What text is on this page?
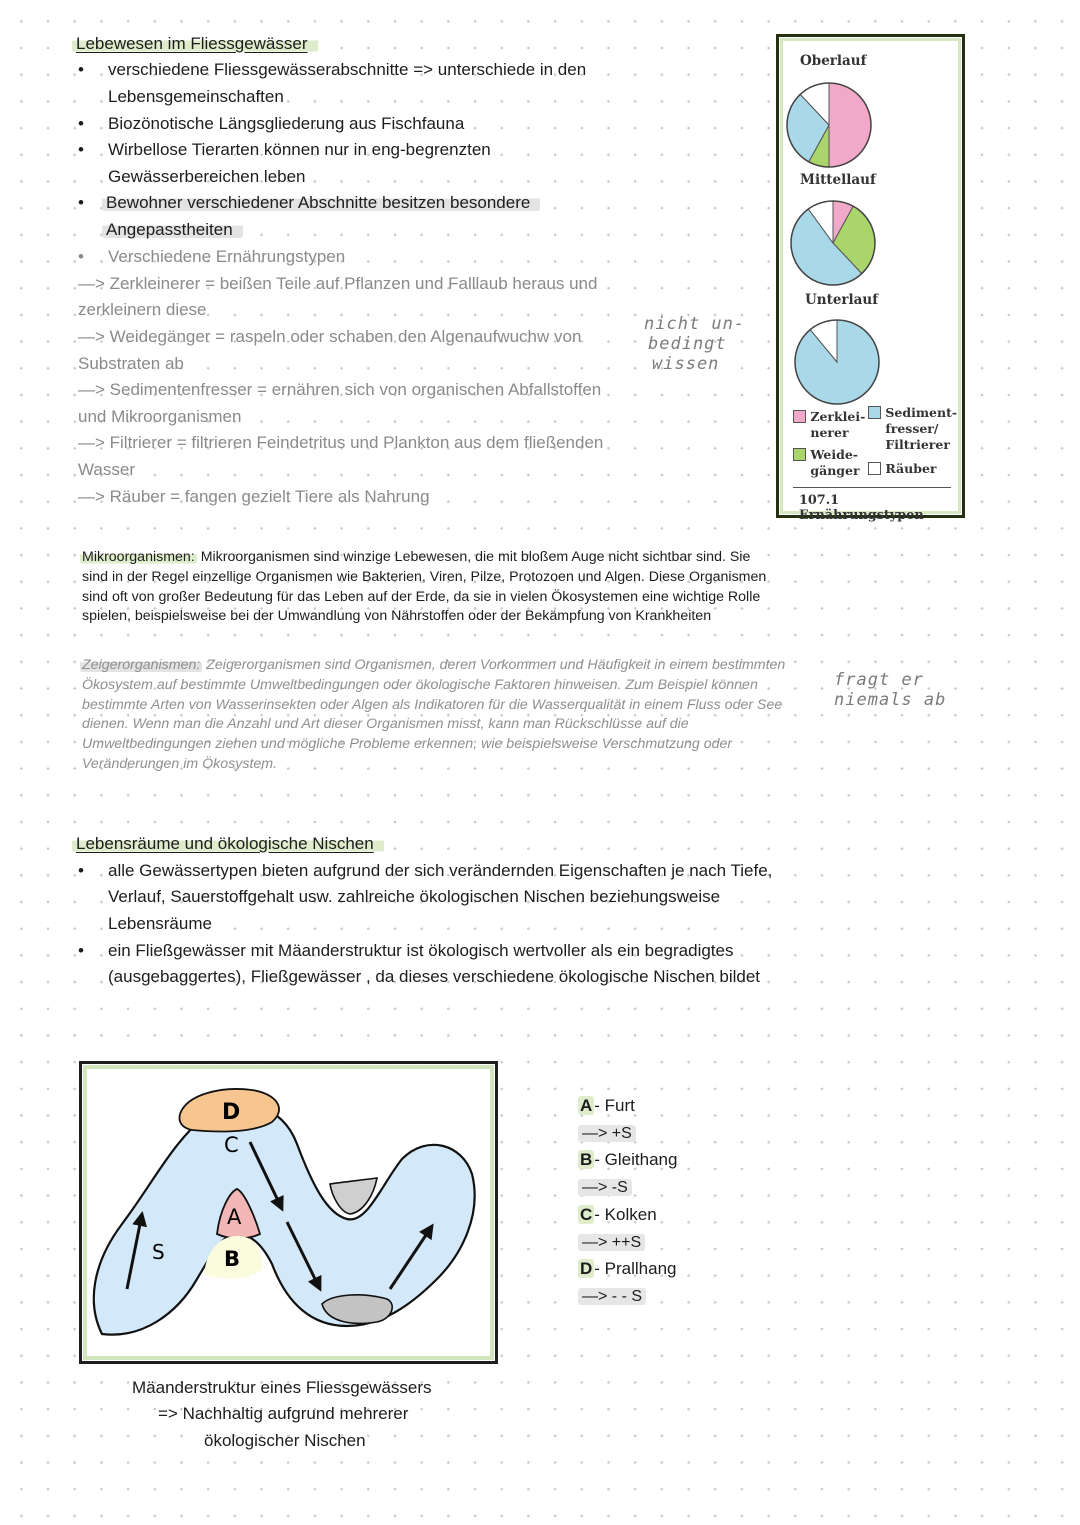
Lebewesen im Fliessgewässer
• verschiedene Fliessgewässerabschnitte => unterschiede in den
Lebensgemeinschaften
• Biozönotische Längsgliederung aus Fischfauna
• Wirbellose Tierarten können nur in eng-begrenzten
Gewässerbereichen leben
• Bewohner verschiedener Abschnitte besitzen besondere
Angepasstheiten
• Verschiedene Ernährungstypen
—> Zerkleinerer = beißen Teile auf Pflanzen und Falllaub heraus und
zerkleinern diese
—> Weidegänger = raspeln oder schaben den Algenaufwuchw von
Substraten ab
—> Sedimentenfresser = ernähren sich von organischen Abfallstoffen
und Mikroorganismen
—> Filtrierer = filtrieren Feindetritus und Plankton aus dem fließenden
Wasser
—> Räuber = fangen gezielt Tiere als Nahrung
nicht un-
bedingt
wissen
Oberlauf
Mittellauf
Unterlauf

Zerklei-
nerer

Sediment-
fresser/
Filtrierer

Weide-
gänger	Räuber
107.1 Ernährungstypen
Mikroorganismen: Mikroorganismen sind winzige Lebewesen, die mit bloßem Auge nicht sichtbar sind. Sie
sind in der Regel einzellige Organismen wie Bakterien, Viren, Pilze, Protozoen und Algen. Diese Organismen
sind oft von großer Bedeutung für das Leben auf der Erde, da sie in vielen Ökosystemen eine wichtige Rolle
spielen, beispielsweise bei der Umwandlung von Nährstoffen oder der Bekämpfung von Krankheiten
Zeigerorganismen: Zeigerorganismen sind Organismen, deren Vorkommen und Häufigkeit in einem bestimmten
Ökosystem auf bestimmte Umweltbedingungen oder ökologische Faktoren hinweisen. Zum Beispiel können
bestimmte Arten von Wasserinsekten oder Algen als Indikatoren für die Wasserqualität in einem Fluss oder See
dienen. Wenn man die Anzahl und Art dieser Organismen misst, kann man Rückschlüsse auf die
Umweltbedingungen ziehen und mögliche Probleme erkennen, wie beispielsweise Verschmutzung oder
Veränderungen im Ökosystem.
fragt er
niemals ab
Lebensräume und ökologische Nischen
• alle Gewässertypen bieten aufgrund der sich verändernden Eigenschaften je nach Tiefe,
Verlauf, Sauerstoffgehalt usw. zahlreiche ökologischen Nischen beziehungsweise
Lebensräume
• ein Fließgewässer mit Mäanderstruktur ist ökologisch wertvoller als ein begradigtes
(ausgebaggertes), Fließgewässer , da dieses verschiedene ökologische Nischen bildet
D
C
A
B
S
Mäanderstruktur eines Fliessgewässers
=> Nachhaltig aufgrund mehrerer
ökologischer Nischen
A - Furt
—> +S
B - Gleithang
—> -S
C - Kolken
—> ++S
D - Prallhang
—> - - S
